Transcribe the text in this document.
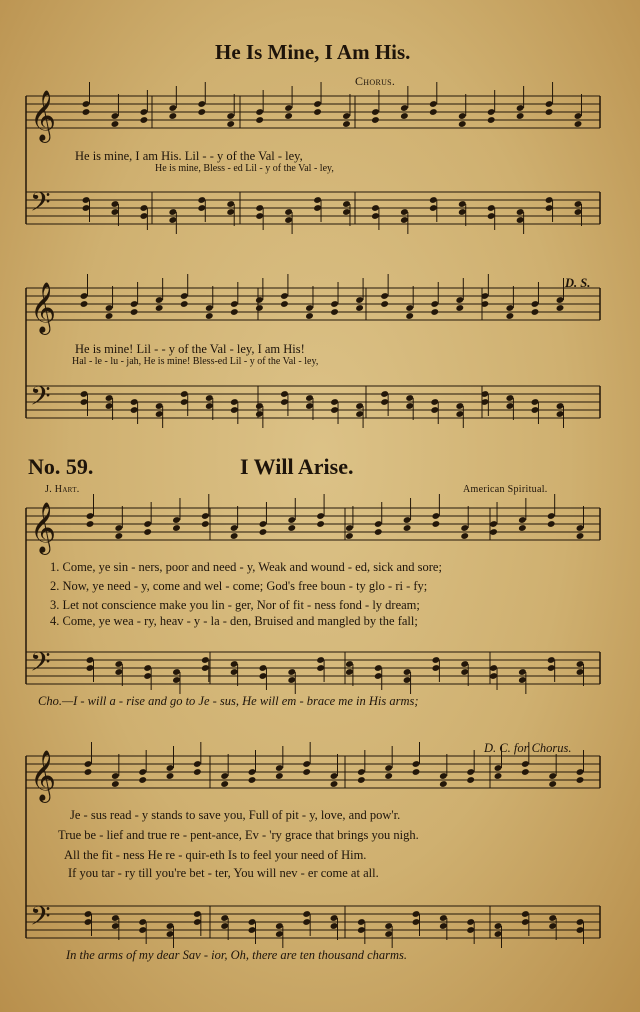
𝄞
𝄢
𝄞
𝄢
𝄞
𝄢
𝄞
𝄢
He Is Mine, I Am His.
Chorus.
He is mine, I am His. Lil - - y of the Val - ley,
He is mine, Bless - ed Lil - y of the Val - ley,
D. S.
He is mine! Lil - - y of the Val - ley, I am His!
Hal - le - lu - jah, He is mine! Bless-ed Lil - y of the Val - ley,
No. 59.	I Will Arise.
J. Hart.	American Spiritual.
1. Come, ye sin - ners, poor and need - y, Weak and wound - ed, sick and sore;
2. Now, ye need - y, come and wel - come; God's free boun - ty glo - ri - fy;
3. Let not conscience make you lin - ger, Nor of fit - ness fond - ly dream;
4. Come, ye wea - ry, heav - y - la - den, Bruised and mangled by the fall;
Cho.—I - will a - rise and go to Je - sus, He will em - brace me in His arms;
D. C. for Chorus.
Je - sus read - y stands to save you, Full of pit - y, love, and pow'r.
True be - lief and true re - pent-ance, Ev - 'ry grace that brings you nigh.
All the fit - ness He re - quir-eth Is to feel your need of Him.
If you tar - ry till you're bet - ter, You will nev - er come at all.
In the arms of my dear Sav - ior, Oh, there are ten thousand charms.
